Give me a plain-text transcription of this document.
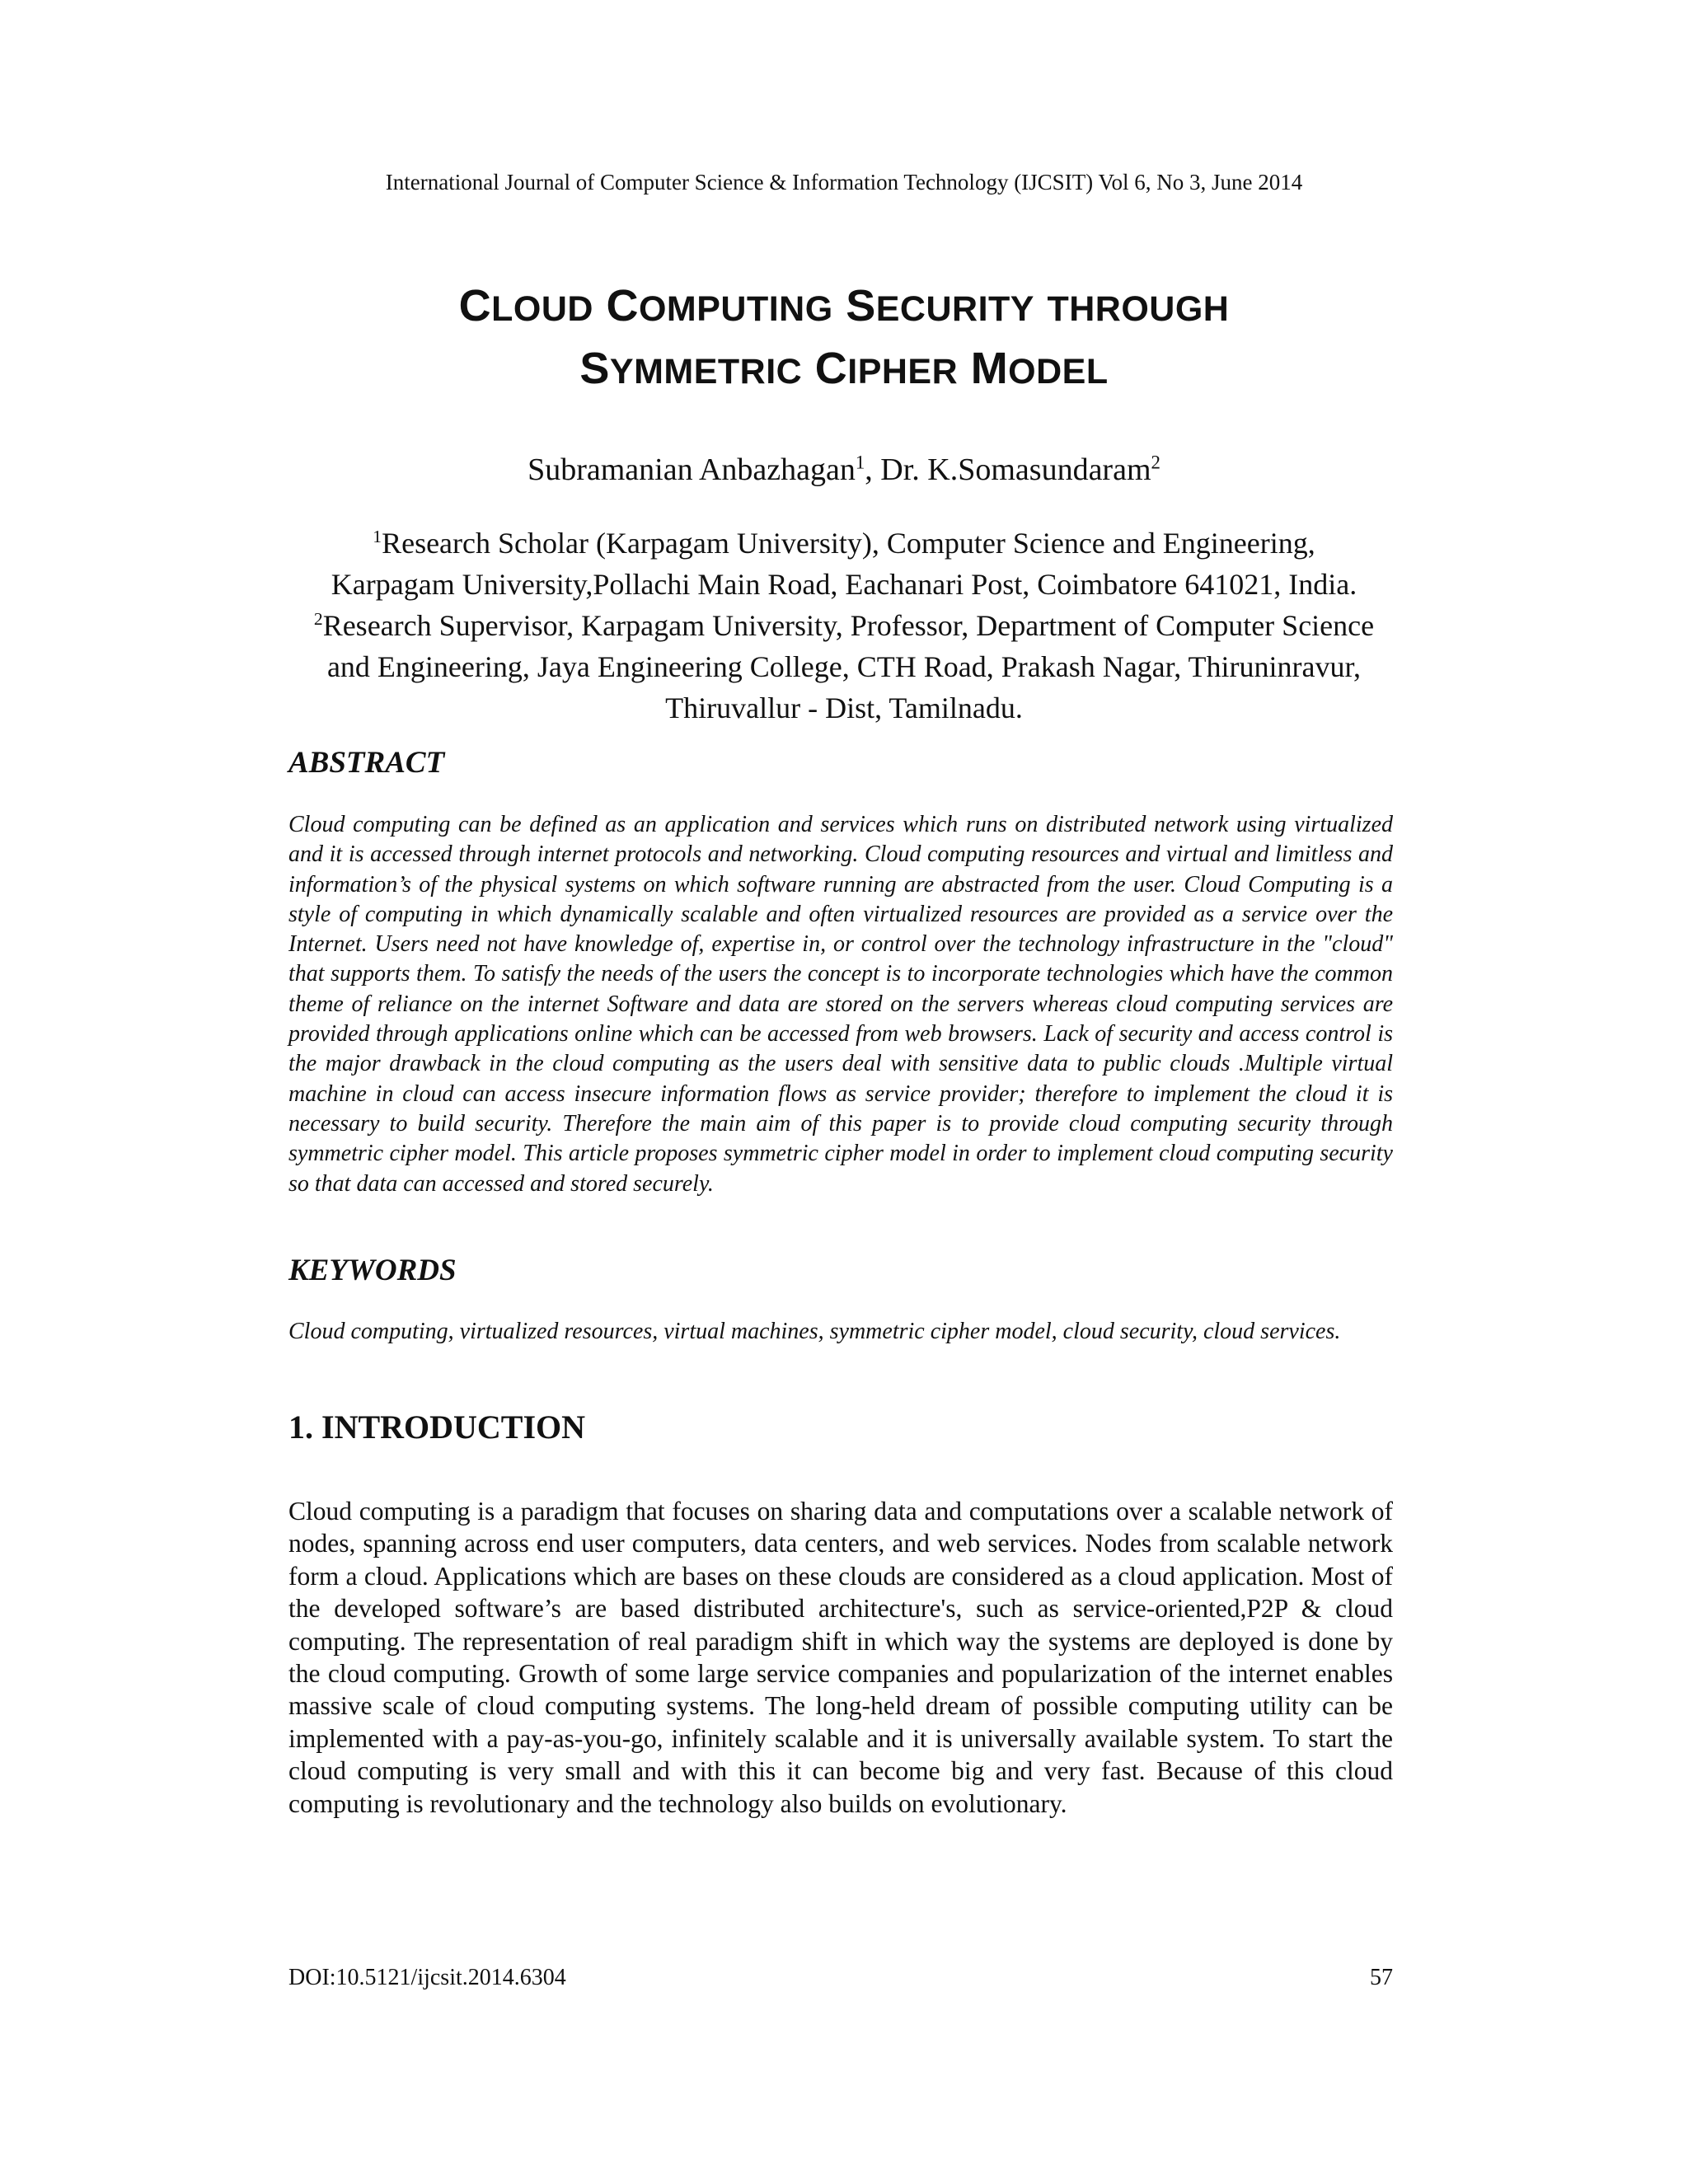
International Journal of Computer Science & Information Technology (IJCSIT) Vol 6, No 3, June 2014
CLOUD COMPUTING SECURITY THROUGH
SYMMETRIC CIPHER MODEL
Subramanian Anbazhagan$^1$, Dr. K.Somasundaram$^2$
$^1$Research Scholar (Karpagam University), Computer Science and Engineering,
Karpagam University,Pollachi Main Road, Eachanari Post, Coimbatore 641021, India.
$^2$Research Supervisor, Karpagam University, Professor, Department of Computer Science
and Engineering, Jaya Engineering College, CTH Road, Prakash Nagar, Thiruninravur,
Thiruvallur - Dist, Tamilnadu.
ABSTRACT
Cloud computing can be defined as an application and services which runs on distributed network using virtualized and it is accessed through internet protocols and networking. Cloud computing resources and virtual and limitless and information’s of the physical systems on which software running are abstracted from the user. Cloud Computing is a style of computing in which dynamically scalable and often virtualized resources are provided as a service over the Internet. Users need not have knowledge of, expertise in, or control over the technology infrastructure in the "cloud" that supports them. To satisfy the needs of the users the concept is to incorporate technologies which have the common theme of reliance on the internet Software and data are stored on the servers whereas cloud computing services are provided through applications online which can be accessed from web browsers. Lack of security and access control is the major drawback in the cloud computing as the users deal with sensitive data to public clouds .Multiple virtual machine in cloud can access insecure information flows as service provider; therefore to implement the cloud it is necessary to build security. Therefore the main aim of this paper is to provide cloud computing security through symmetric cipher model. This article proposes symmetric cipher model in order to implement cloud computing security so that data can accessed and stored securely.
KEYWORDS
Cloud computing, virtualized resources, virtual machines, symmetric cipher model, cloud security, cloud services.
1. INTRODUCTION
Cloud computing is a paradigm that focuses on sharing data and computations over a scalable network of nodes, spanning across end user computers, data centers, and web services. Nodes from scalable network form a cloud. Applications which are bases on these clouds are considered as a cloud application. Most of the developed software’s are based distributed architecture's, such as service-oriented,P2P & cloud computing. The representation of real paradigm shift in which way the systems are deployed is done by the cloud computing. Growth of some large service companies and popularization of the internet enables massive scale of cloud computing systems. The long-held dream of possible computing utility can be implemented with a pay-as-you-go, infinitely scalable and it is universally available system. To start the cloud computing is very small and with this it can become big and very fast. Because of this cloud computing is revolutionary and the technology also builds on evolutionary.
DOI:10.5121/ijcsit.2014.6304	57
